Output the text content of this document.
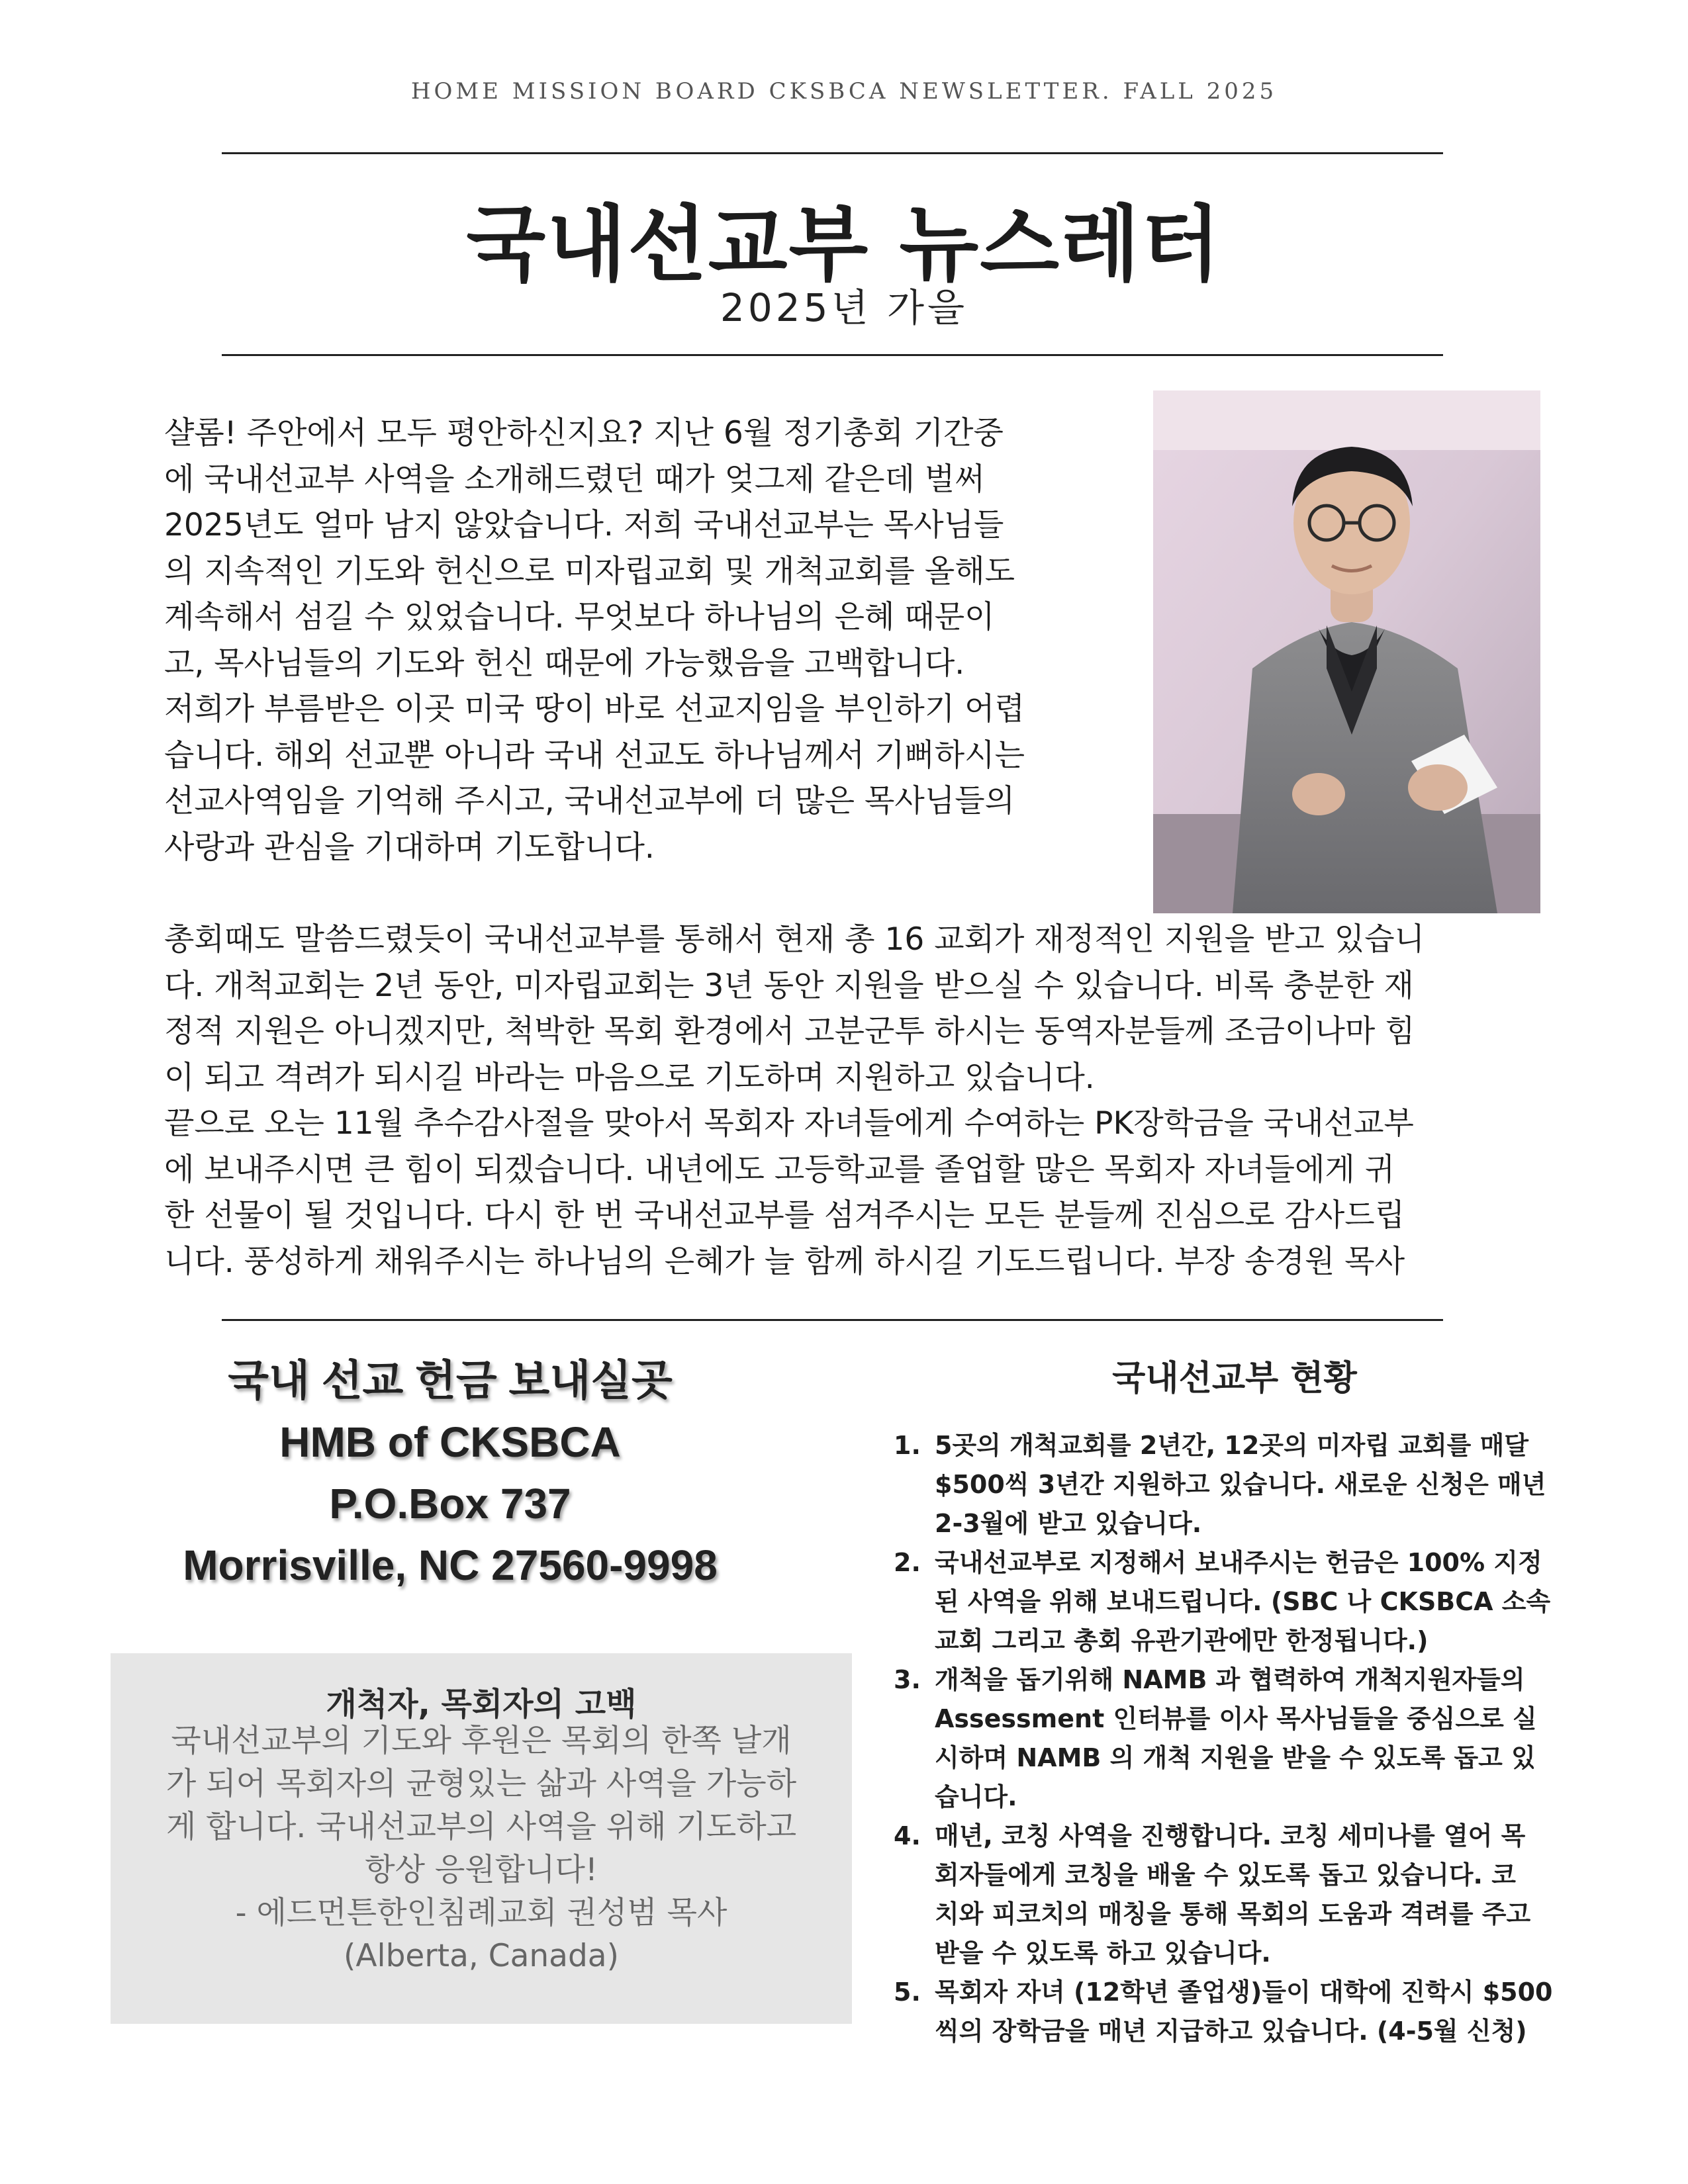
HOME MISSION BOARD CKSBCA NEWSLETTER. FALL 2025
국내선교부 뉴스레터
2025년 가을
샬롬! 주안에서 모두 평안하신지요? 지난 6월 정기총회 기간중
에 국내선교부 사역을 소개해드렸던 때가 엊그제 같은데 벌써
2025년도 얼마 남지 않았습니다. 저희 국내선교부는 목사님들
의 지속적인 기도와 헌신으로 미자립교회 및 개척교회를 올해도
계속해서 섬길 수 있었습니다. 무엇보다 하나님의 은혜 때문이
고, 목사님들의 기도와 헌신 때문에 가능했음을 고백합니다.
저희가 부름받은 이곳 미국 땅이 바로 선교지임을 부인하기 어렵
습니다. 해외 선교뿐 아니라 국내 선교도 하나님께서 기뻐하시는
선교사역임을 기억해 주시고, 국내선교부에 더 많은 목사님들의
사랑과 관심을 기대하며 기도합니다.
총회때도 말씀드렸듯이 국내선교부를 통해서 현재 총 16 교회가 재정적인 지원을 받고 있습니
다. 개척교회는 2년 동안, 미자립교회는 3년 동안 지원을 받으실 수 있습니다. 비록 충분한 재
정적 지원은 아니겠지만, 척박한 목회 환경에서 고분군투 하시는 동역자분들께 조금이나마 힘
이 되고 격려가 되시길 바라는 마음으로 기도하며 지원하고 있습니다.
끝으로 오는 11월 추수감사절을 맞아서 목회자 자녀들에게 수여하는 PK장학금을 국내선교부
에 보내주시면 큰 힘이 되겠습니다. 내년에도 고등학교를 졸업할 많은 목회자 자녀들에게 귀
한 선물이 될 것입니다. 다시 한 번 국내선교부를 섬겨주시는 모든 분들께 진심으로 감사드립
니다. 풍성하게 채워주시는 하나님의 은혜가 늘 함께 하시길 기도드립니다. 부장 송경원 목사
국내 선교 헌금 보내실곳
HMB of CKSBCA
P.O.Box 737
Morrisville, NC 27560-9998
개척자, 목회자의 고백
국내선교부의 기도와 후원은 목회의 한쪽 날개
가 되어 목회자의 균형있는 삶과 사역을 가능하
게 합니다. 국내선교부의 사역을 위해 기도하고
항상 응원합니다!
- 에드먼튼한인침례교회 권성범 목사
(Alberta, Canada)
국내선교부 현황
1. 5곳의 개척교회를 2년간, 12곳의 미자립 교회를 매달
$500씩 3년간 지원하고 있습니다. 새로운 신청은 매년
2-3월에 받고 있습니다.
2. 국내선교부로 지정해서 보내주시는 헌금은 100% 지정
된 사역을 위해 보내드립니다. (SBC 나 CKSBCA 소속
교회 그리고 총회 유관기관에만 한정됩니다.)
3. 개척을 돕기위해 NAMB 과 협력하여 개척지원자들의
Assessment 인터뷰를 이사 목사님들을 중심으로 실
시하며 NAMB 의 개척 지원을 받을 수 있도록 돕고 있
습니다.
4. 매년, 코칭 사역을 진행합니다. 코칭 세미나를 열어 목
회자들에게 코칭을 배울 수 있도록 돕고 있습니다. 코
치와 피코치의 매칭을 통해 목회의 도움과 격려를 주고
받을 수 있도록 하고 있습니다.
5. 목회자 자녀 (12학년 졸업생)들이 대학에 진학시 $500
씩의 장학금을 매년 지급하고 있습니다. (4-5월 신청)
